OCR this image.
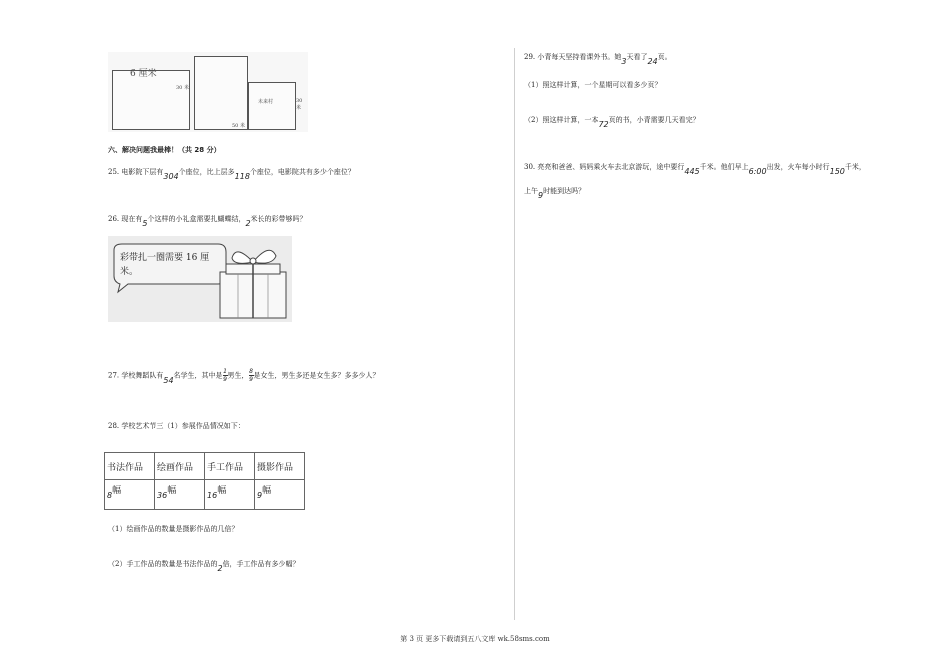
6 厘米
30 米
未来村	30 米
50 米
六、解决问题我最棒！（共 28 分）
25. 电影院下层有304个座位，比上层多118个座位，电影院共有多少个座位？
26. 现在有5个这样的小礼盒需要扎蝴蝶结，2米长的彩带够吗？
彩带扎一圈需要 16 厘米。
27. 学校舞蹈队有54名学生，其中是 $\frac{1}{9}$ 男生， $\frac{8}{9}$ 是女生，男生多还是女生多？多多少人？
28. 学校艺术节三（1）参展作品情况如下：
书法作品	绘画作品	手工作品	摄影作品
8幅	36幅	16幅	9幅
（1）绘画作品的数量是摄影作品的几倍？
（2）手工作品的数量是书法作品的2倍，手工作品有多少幅？
29. 小青每天坚持看课外书。她3天看了24页。
（1）照这样计算，一个星期可以看多少页？
（2）照这样计算，一本72页的书，小青需要几天看完？
30. 亮亮和爸爸、妈妈乘火车去北京游玩，途中要行445千米。他们早上6:00出发，火车每小时行150千米，
上午9时能到达吗？
第 3 页 更多下载请到五八文库 wk.58sms.com
